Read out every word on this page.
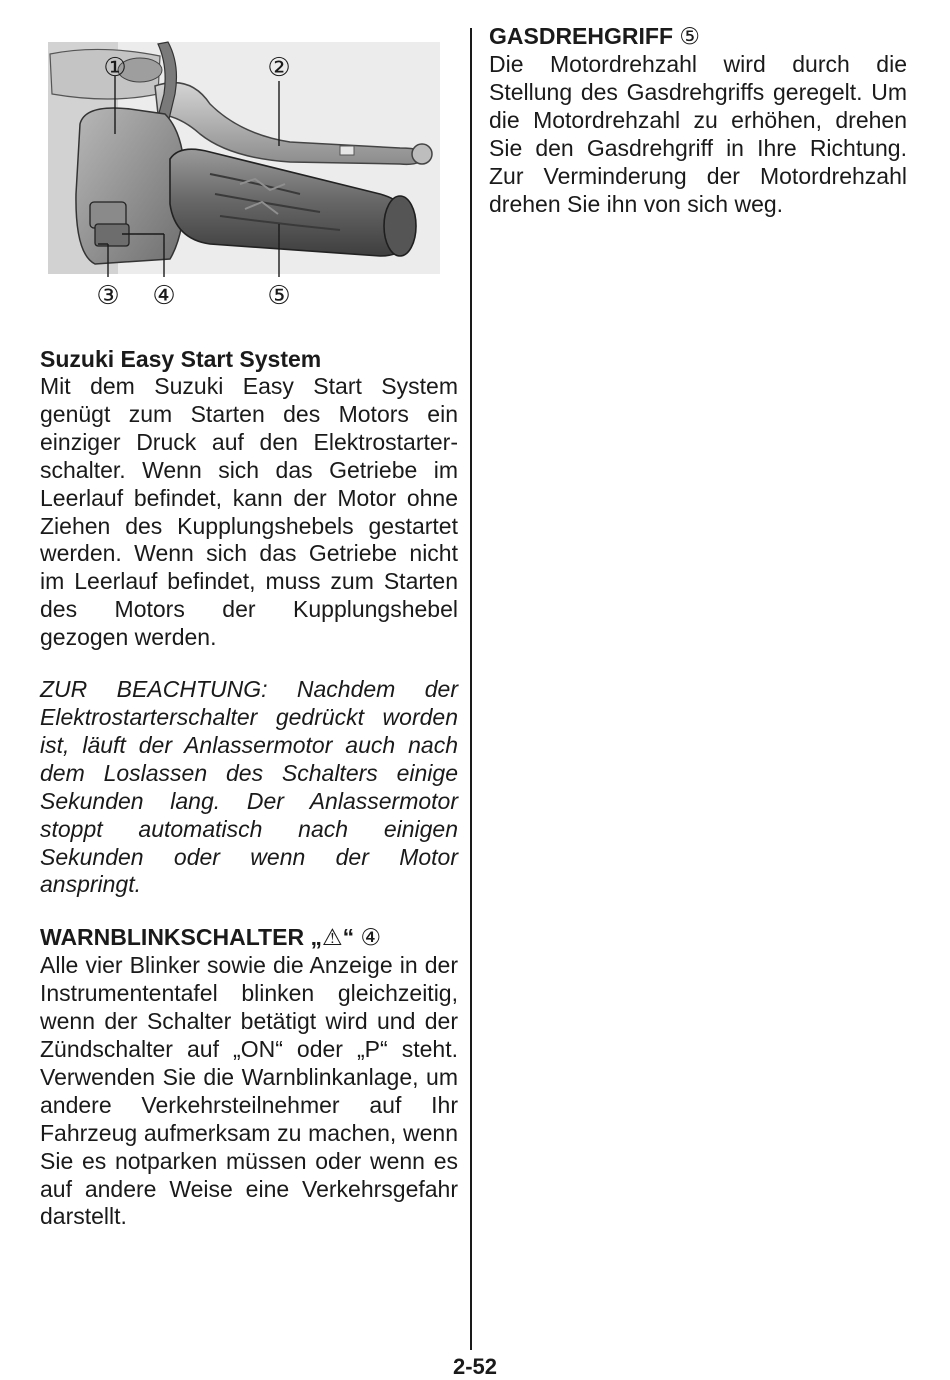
①	②
③ ④	⑤
Suzuki Easy Start System

Mit dem Suzuki Easy Start System genügt zum Starten des Motors ein einziger Druck auf den Elektrostarterschalter. Wenn sich das Getriebe im Leerlauf befindet, kann der Motor ohne Ziehen des Kupplungshebels gestartet werden. Wenn sich das Getriebe nicht im Leerlauf befindet, muss zum Starten des Motors der Kupplungshebel gezogen werden.

ZUR BEACHTUNG: Nachdem der Elektrostarterschalter gedrückt worden ist, läuft der Anlassermotor auch nach dem Loslassen des Schalters einige Sekunden lang. Der Anlassermotor stoppt automatisch nach einigen Sekunden oder wenn der Motor anspringt.

WARNBLINKSCHALTER „⚠“ ④

Alle vier Blinker sowie die Anzeige in der Instrumententafel blinken gleichzeitig, wenn der Schalter betätigt wird und der Zündschalter auf „ON“ oder „P“ steht. Verwenden Sie die Warnblinkanlage, um andere Verkehrsteilnehmer auf Ihr Fahrzeug aufmerksam zu machen, wenn Sie es notparken müssen oder wenn es auf andere Weise eine Verkehrsgefahr darstellt.

GASDREHGRIFF ⑤

Die Motordrehzahl wird durch die Stellung des Gasdrehgriffs geregelt. Um die Motordrehzahl zu erhöhen, drehen Sie den Gasdrehgriff in Ihre Richtung. Zur Verminderung der Motordrehzahl drehen Sie ihn von sich weg.

2-52
